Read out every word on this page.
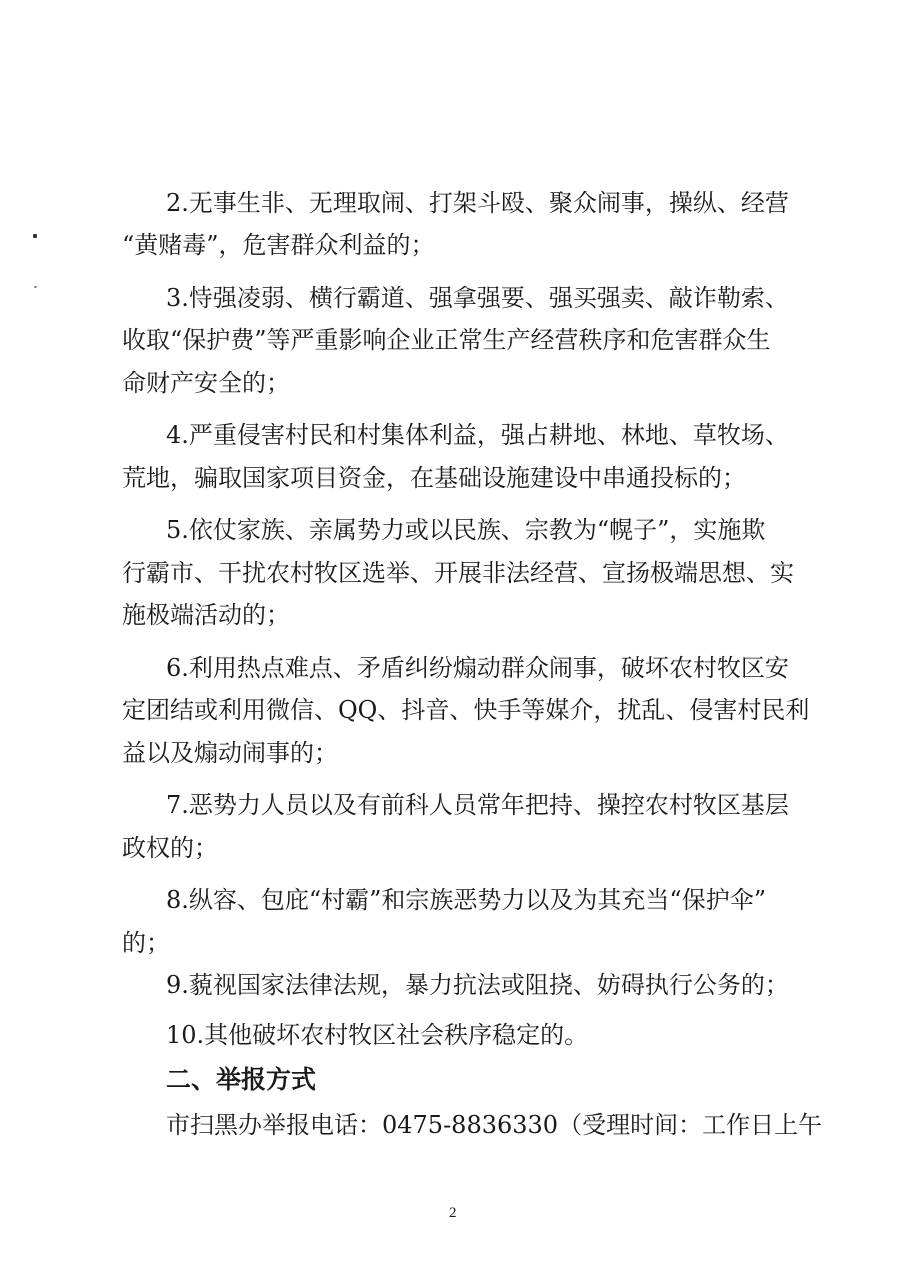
2.无事生非、无理取闹、打架斗殴、聚众闹事，操纵、经营
“黄赌毒”，危害群众利益的；
3.恃强凌弱、横行霸道、强拿强要、强买强卖、敲诈勒索、
收取“保护费”等严重影响企业正常生产经营秩序和危害群众生
命财产安全的；
4.严重侵害村民和村集体利益，强占耕地、林地、草牧场、
荒地，骗取国家项目资金，在基础设施建设中串通投标的；
5.依仗家族、亲属势力或以民族、宗教为“幌子”，实施欺
行霸市、干扰农村牧区选举、开展非法经营、宣扬极端思想、实
施极端活动的；
6.利用热点难点、矛盾纠纷煽动群众闹事，破坏农村牧区安
定团结或利用微信、QQ、抖音、快手等媒介，扰乱、侵害村民利
益以及煽动闹事的；
7.恶势力人员以及有前科人员常年把持、操控农村牧区基层
政权的；
8.纵容、包庇“村霸”和宗族恶势力以及为其充当“保护伞”
的；
9.藐视国家法律法规，暴力抗法或阻挠、妨碍执行公务的；
10.其他破坏农村牧区社会秩序稳定的。
二、举报方式
市扫黑办举报电话：0475-8836330（受理时间：工作日上午
2
